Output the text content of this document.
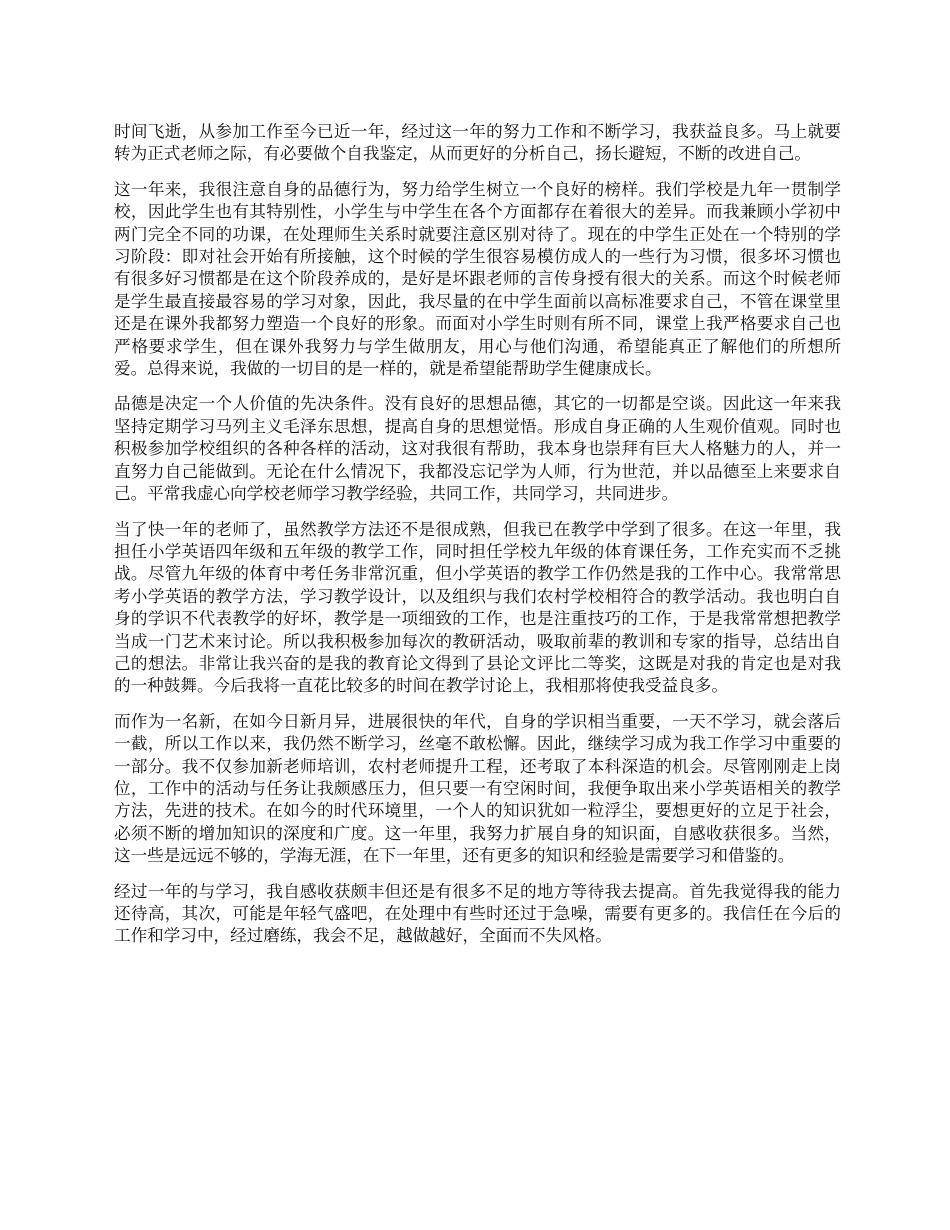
时间飞逝，从参加工作至今已近一年，经过这一年的努力工作和不断学习，我获益良多。马上就要转为正式老师之际，有必要做个自我鉴定，从而更好的分析自己，扬长避短，不断的改进自己。

这一年来，我很注意自身的品德行为，努力给学生树立一个良好的榜样。我们学校是九年一贯制学校，因此学生也有其特别性，小学生与中学生在各个方面都存在着很大的差异。而我兼顾小学初中两门完全不同的功课，在处理师生关系时就要注意区别对待了。现在的中学生正处在一个特别的学习阶段：即对社会开始有所接触，这个时候的学生很容易模仿成人的一些行为习惯，很多坏习惯也有很多好习惯都是在这个阶段养成的，是好是坏跟老师的言传身授有很大的关系。而这个时候老师是学生最直接最容易的学习对象，因此，我尽量的在中学生面前以高标准要求自己，不管在课堂里还是在课外我都努力塑造一个良好的形象。而面对小学生时则有所不同，课堂上我严格要求自己也严格要求学生，但在课外我努力与学生做朋友，用心与他们沟通，希望能真正了解他们的所想所爱。总得来说，我做的一切目的是一样的，就是希望能帮助学生健康成长。

品德是决定一个人价值的先决条件。没有良好的思想品德，其它的一切都是空谈。因此这一年来我坚持定期学习马列主义毛泽东思想，提高自身的思想觉悟。形成自身正确的人生观价值观。同时也积极参加学校组织的各种各样的活动，这对我很有帮助，我本身也崇拜有巨大人格魅力的人，并一直努力自己能做到。无论在什么情况下，我都没忘记学为人师，行为世范，并以品德至上来要求自己。平常我虚心向学校老师学习教学经验，共同工作，共同学习，共同进步。

当了快一年的老师了，虽然教学方法还不是很成熟，但我已在教学中学到了很多。在这一年里，我担任小学英语四年级和五年级的教学工作，同时担任学校九年级的体育课任务，工作充实而不乏挑战。尽管九年级的体育中考任务非常沉重，但小学英语的教学工作仍然是我的工作中心。我常常思考小学英语的教学方法，学习教学设计，以及组织与我们农村学校相符合的教学活动。我也明白自身的学识不代表教学的好坏，教学是一项细致的工作，也是注重技巧的工作，于是我常常想把教学当成一门艺术来讨论。所以我积极参加每次的教研活动，吸取前辈的教训和专家的指导，总结出自己的想法。非常让我兴奋的是我的教育论文得到了县论文评比二等奖，这既是对我的肯定也是对我的一种鼓舞。今后我将一直花比较多的时间在教学讨论上，我相那将使我受益良多。

而作为一名新，在如今日新月异，进展很快的年代，自身的学识相当重要，一天不学习，就会落后一截，所以工作以来，我仍然不断学习，丝毫不敢松懈。因此，继续学习成为我工作学习中重要的一部分。我不仅参加新老师培训，农村老师提升工程，还考取了本科深造的机会。尽管刚刚走上岗位，工作中的活动与任务让我颇感压力，但只要一有空闲时间，我便争取出来小学英语相关的教学方法，先进的技术。在如今的时代环境里，一个人的知识犹如一粒浮尘，要想更好的立足于社会，必须不断的增加知识的深度和广度。这一年里，我努力扩展自身的知识面，自感收获很多。当然，这一些是远远不够的，学海无涯，在下一年里，还有更多的知识和经验是需要学习和借鉴的。

经过一年的与学习，我自感收获颇丰但还是有很多不足的地方等待我去提高。首先我觉得我的能力还待高，其次，可能是年轻气盛吧，在处理中有些时还过于急噪，需要有更多的。我信任在今后的工作和学习中，经过磨练，我会不足，越做越好，全面而不失风格。
